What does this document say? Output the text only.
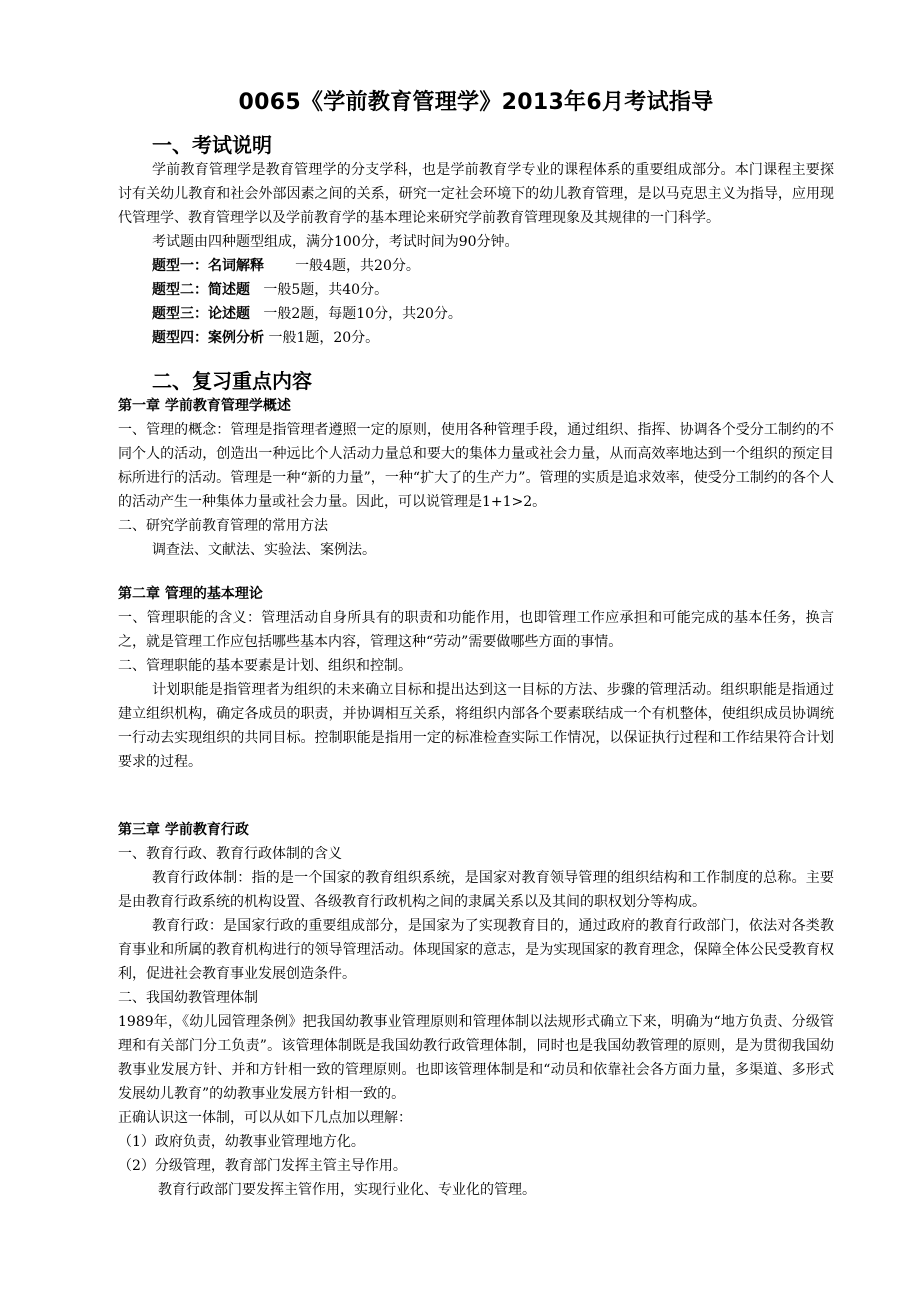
0065《学前教育管理学》2013年6月考试指导
一、考试说明

学前教育管理学是教育管理学的分支学科，也是学前教育学专业的课程体系的重要组成部分。本门课程主要探讨有关幼儿教育和社会外部因素之间的关系，研究一定社会环境下的幼儿教育管理，是以马克思主义为指导，应用现代管理学、教育管理学以及学前教育学的基本理论来研究学前教育管理现象及其规律的一门科学。

考试题由四种题型组成，满分100分，考试时间为90分钟。

题型一：名词解释       一般4题，共20分。
题型二：简述题   一般5题，共40分。
题型三：论述题   一般2题，每题10分，共20分。
题型四：案例分析 一般1题，20分。
二、复习重点内容
第一章 学前教育管理学概述

一、管理的概念：管理是指管理者遵照一定的原则，使用各种管理手段，通过组织、指挥、协调各个受分工制约的不同个人的活动，创造出一种远比个人活动力量总和要大的集体力量或社会力量，从而高效率地达到一个组织的预定目标所进行的活动。管理是一种“新的力量”，一种“扩大了的生产力”。管理的实质是追求效率，使受分工制约的各个人的活动产生一种集体力量或社会力量。因此，可以说管理是1+1>2。

二、研究学前教育管理的常用方法

调查法、文献法、实验法、案例法。

第二章 管理的基本理论

一、管理职能的含义：管理活动自身所具有的职责和功能作用，也即管理工作应承担和可能完成的基本任务，换言之，就是管理工作应包括哪些基本内容，管理这种“劳动”需要做哪些方面的事情。

二、管理职能的基本要素是计划、组织和控制。

计划职能是指管理者为组织的未来确立目标和提出达到这一目标的方法、步骤的管理活动。组织职能是指通过建立组织机构，确定各成员的职责，并协调相互关系，将组织内部各个要素联结成一个有机整体，使组织成员协调统一行动去实现组织的共同目标。控制职能是指用一定的标准检查实际工作情况，以保证执行过程和工作结果符合计划要求的过程。

第三章 学前教育行政

一、教育行政、教育行政体制的含义

教育行政体制：指的是一个国家的教育组织系统，是国家对教育领导管理的组织结构和工作制度的总称。主要是由教育行政系统的机构设置、各级教育行政机构之间的隶属关系以及其间的职权划分等构成。

教育行政：是国家行政的重要组成部分，是国家为了实现教育目的，通过政府的教育行政部门，依法对各类教育事业和所属的教育机构进行的领导管理活动。体现国家的意志，是为实现国家的教育理念，保障全体公民受教育权利，促进社会教育事业发展创造条件。

二、我国幼教管理体制

1989年，《幼儿园管理条例》把我国幼教事业管理原则和管理体制以法规形式确立下来，明确为“地方负责、分级管理和有关部门分工负责”。该管理体制既是我国幼教行政管理体制，同时也是我国幼教管理的原则，是为贯彻我国幼教事业发展方针、并和方针相一致的管理原则。也即该管理体制是和“动员和依靠社会各方面力量，多渠道、多形式发展幼儿教育”的幼教事业发展方针相一致的。

正确认识这一体制，可以从如下几点加以理解：

（1）政府负责，幼教事业管理地方化。

（2）分级管理，教育部门发挥主管主导作用。

教育行政部门要发挥主管作用，实现行业化、专业化的管理。
